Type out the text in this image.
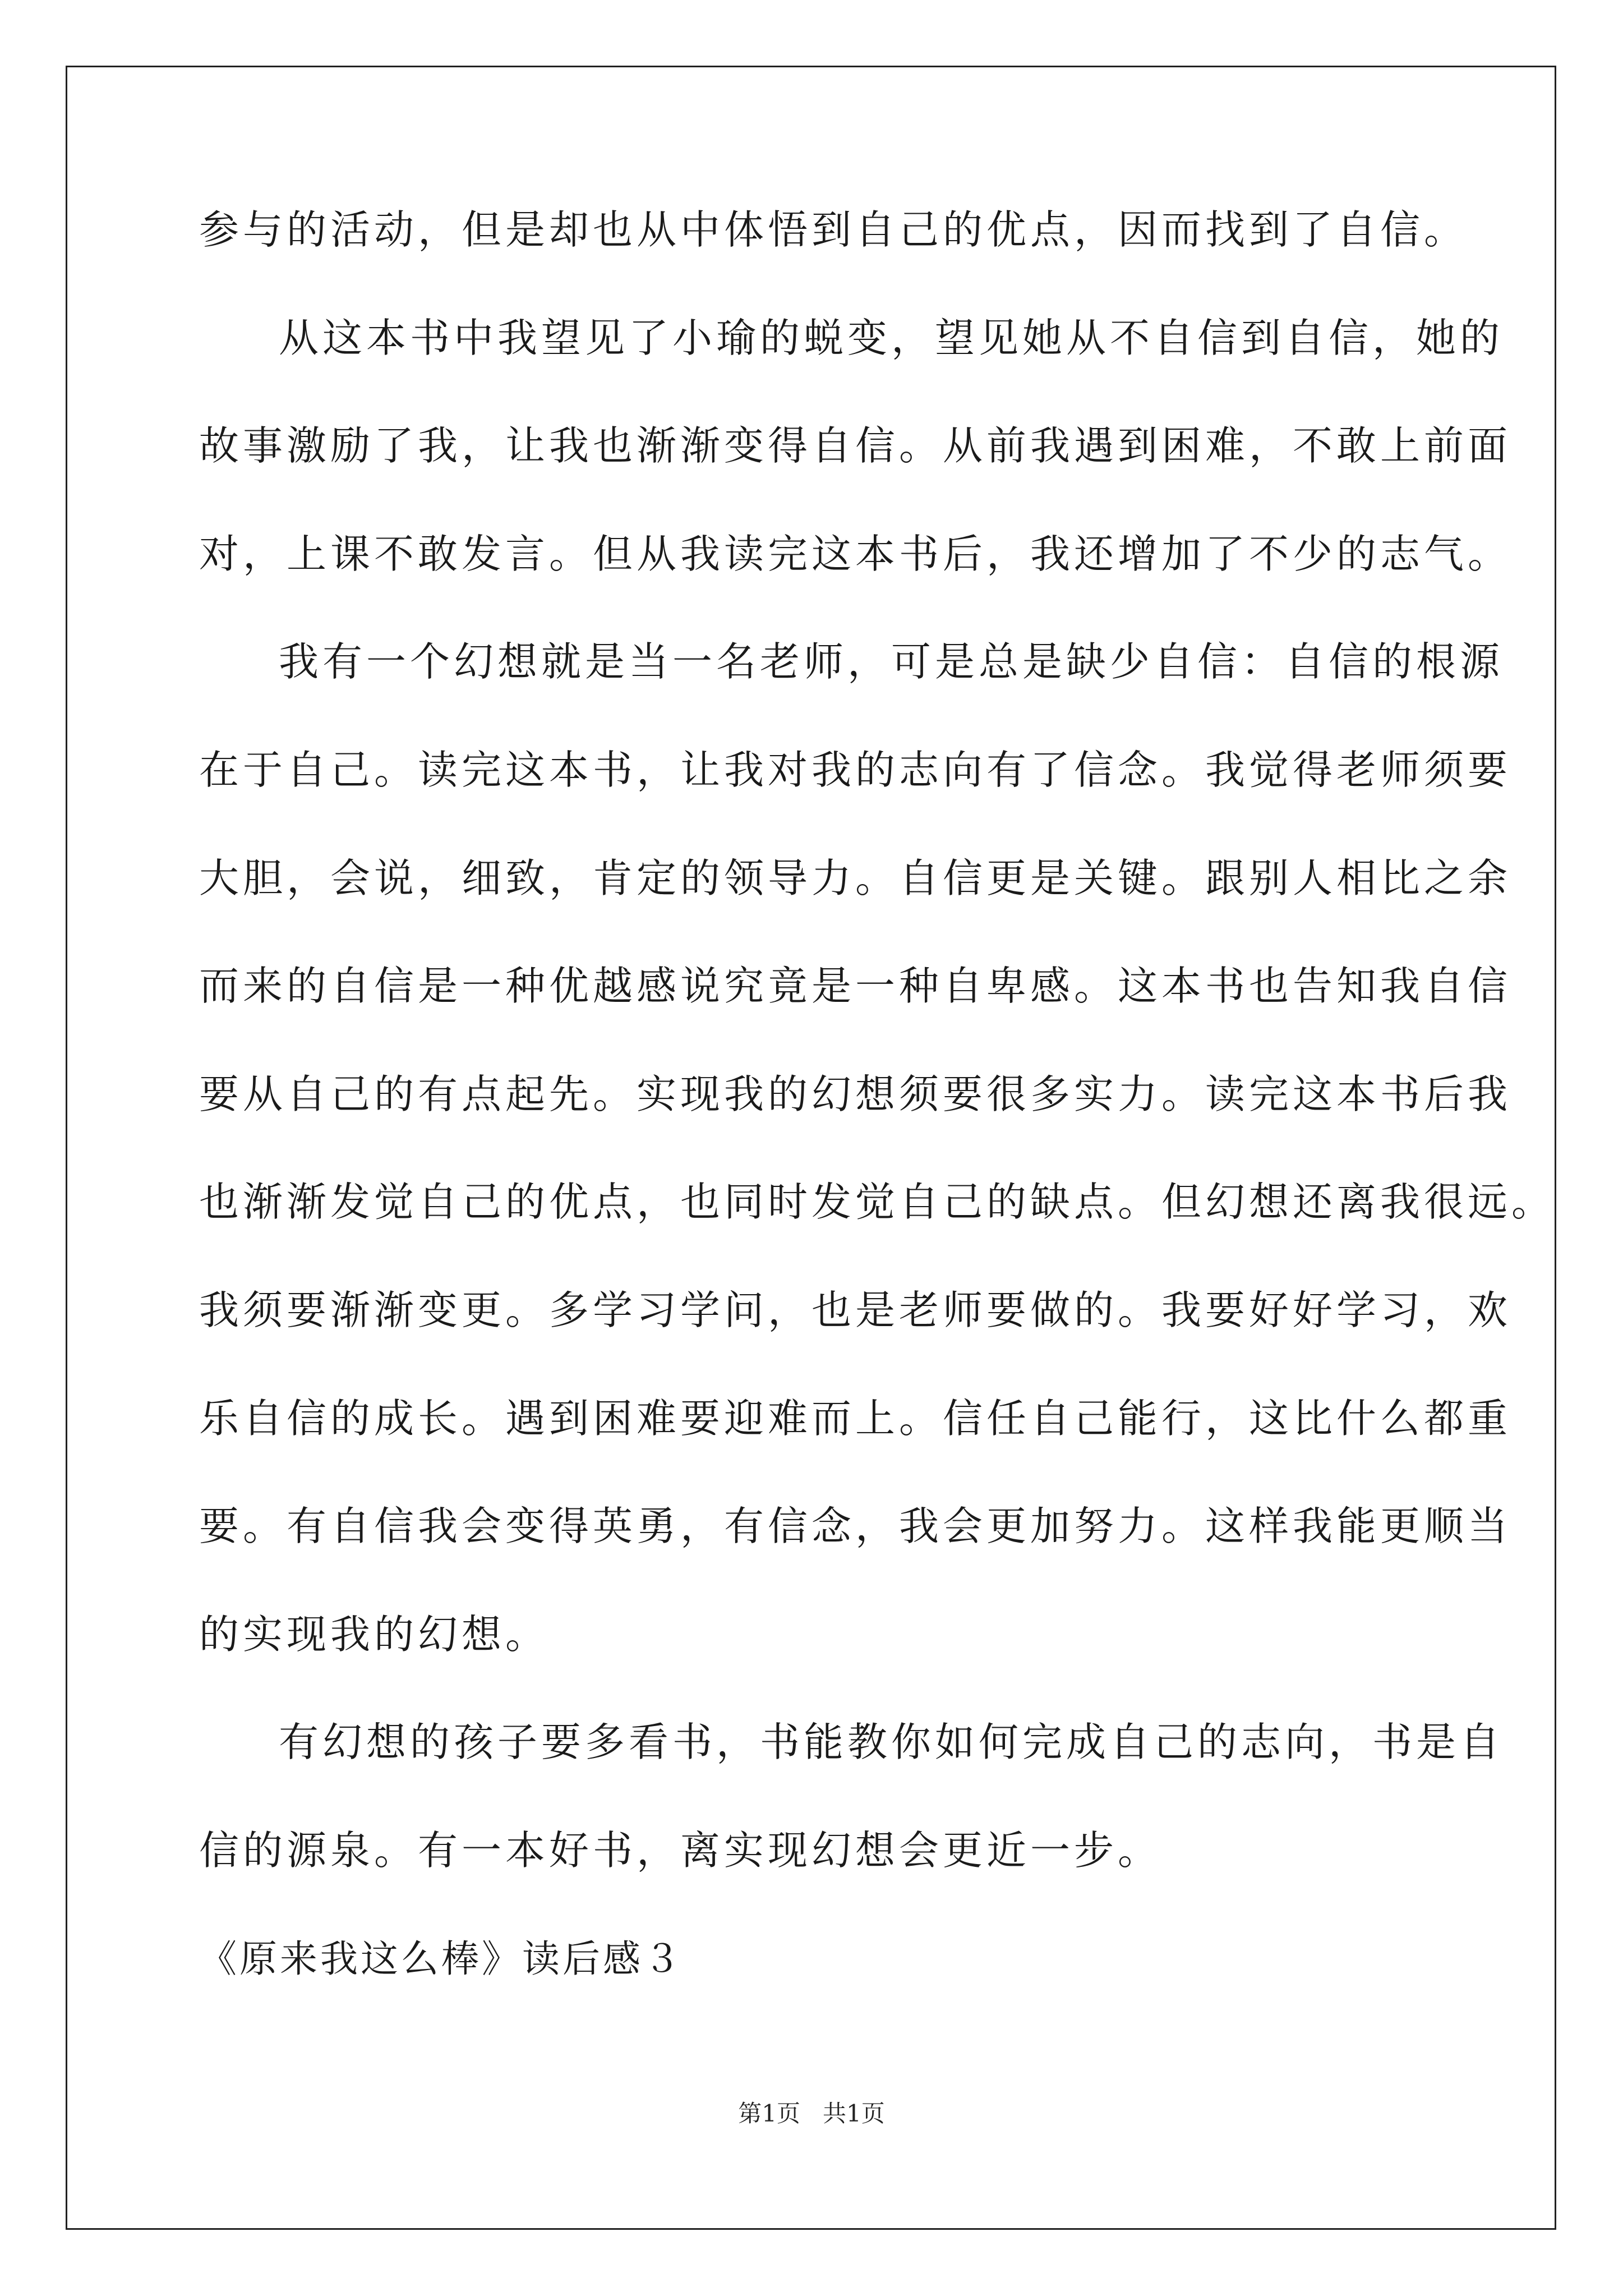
参与的活动，但是却也从中体悟到自己的优点，因而找到了自信。
从这本书中我望见了小瑜的蜕变，望见她从不自信到自信，她的
故事激励了我，让我也渐渐变得自信。从前我遇到困难，不敢上前面
对，上课不敢发言。但从我读完这本书后，我还增加了不少的志气。
我有一个幻想就是当一名老师，可是总是缺少自信：自信的根源
在于自己。读完这本书，让我对我的志向有了信念。我觉得老师须要
大胆，会说，细致，肯定的领导力。自信更是关键。跟别人相比之余
而来的自信是一种优越感说究竟是一种自卑感。这本书也告知我自信
要从自己的有点起先。实现我的幻想须要很多实力。读完这本书后我
也渐渐发觉自己的优点，也同时发觉自己的缺点。但幻想还离我很远。
我须要渐渐变更。多学习学问，也是老师要做的。我要好好学习，欢
乐自信的成长。遇到困难要迎难而上。信任自己能行，这比什么都重
要。有自信我会变得英勇，有信念，我会更加努力。这样我能更顺当
的实现我的幻想。
有幻想的孩子要多看书，书能教你如何完成自己的志向，书是自
信的源泉。有一本好书，离实现幻想会更近一步。
《原来我这么棒》读后感３
第1页   共1页
